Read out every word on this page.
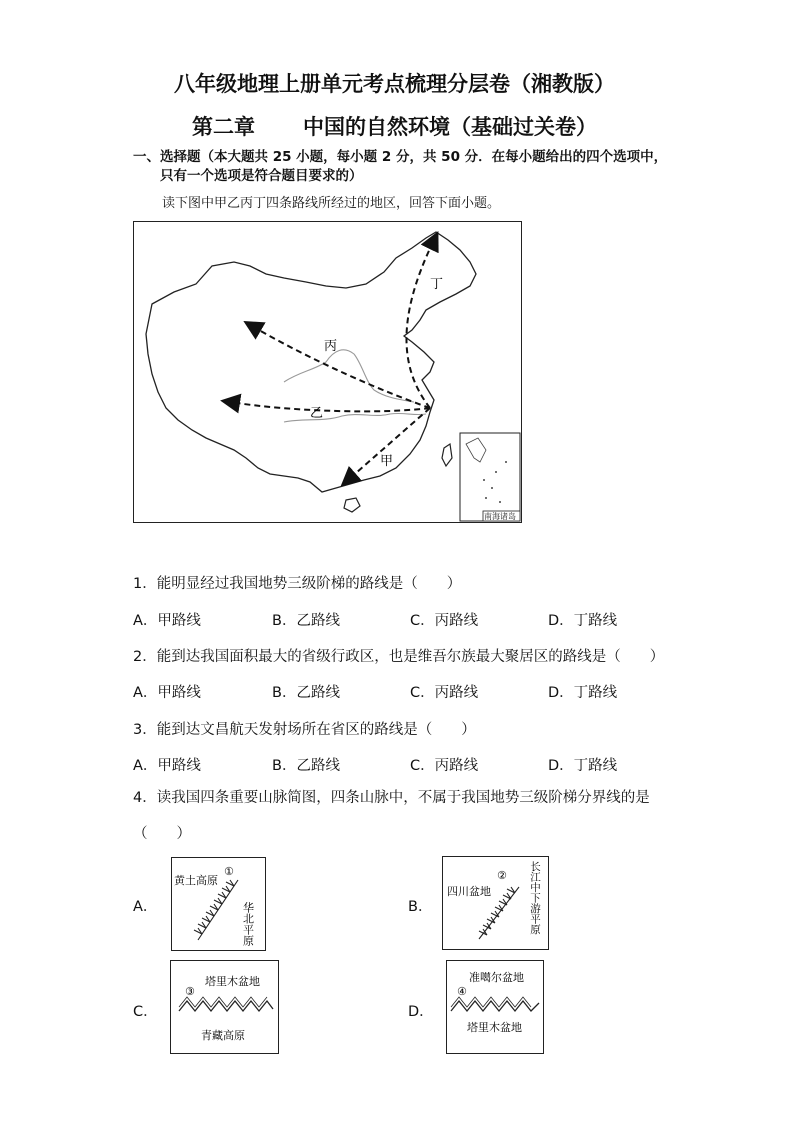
八年级地理上册单元考点梳理分层卷（湘教版）
第二章 中国的自然环境（基础过关卷）
一、选择题（本大题共 25 小题，每小题 2 分，共 50 分．在每小题给出的四个选项中，
只有一个选项是符合题目要求的）
读下图中甲乙丙丁四条路线所经过的地区，回答下面小题。
南海诸岛
甲
乙
丙
丁
1．能明显经过我国地势三级阶梯的路线是（　　）
A．甲路线	B．乙路线	C．丙路线	D．丁路线
2．能到达我国面积最大的省级行政区，也是维吾尔族最大聚居区的路线是（　　）
A．甲路线	B．乙路线	C．丙路线	D．丁路线
3．能到达文昌航天发射场所在省区的路线是（　　）
A．甲路线	B．乙路线	C．丙路线	D．丁路线
4．读我国四条重要山脉简图，四条山脉中，不属于我国地势三级阶梯分界线的是
（　　）
A．
黄土高原
①
华北平原	B．
四川盆地
② 长江中下游平原
C．
塔里木盆地
③
青藏高原
D．
准噶尔盆地
④
塔里木盆地
